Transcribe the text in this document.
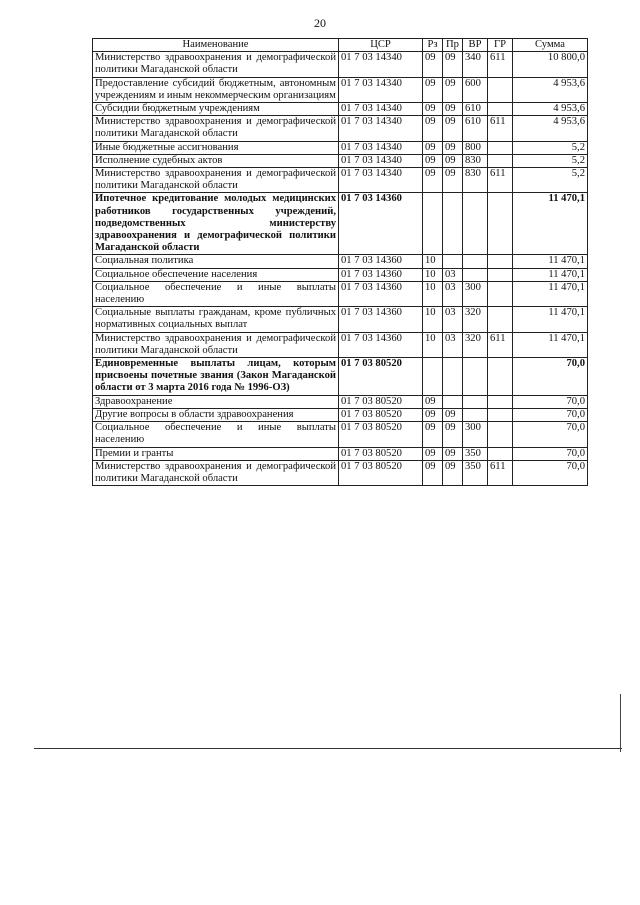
20
Наименование	ЦСР	Рз	Пр	ВР	ГР	Сумма
Министерство здравоохранения и демографической политики Магаданской области	01 7 03 14340	09	09	340	611	10 800,0
Предоставление субсидий бюджетным, автономным учреждениям и иным некоммерческим организациям	01 7 03 14340	09	09	600		4 953,6
Субсидии бюджетным учреждениям	01 7 03 14340	09	09	610		4 953,6
Министерство здравоохранения и демографической политики Магаданской области	01 7 03 14340	09	09	610	611	4 953,6
Иные бюджетные ассигнования	01 7 03 14340	09	09	800		5,2
Исполнение судебных актов	01 7 03 14340	09	09	830		5,2
Министерство здравоохранения и демографической политики Магаданской области	01 7 03 14340	09	09	830	611	5,2
Ипотечное кредитование молодых медицинских работников государственных учреждений, подведомственных министерству здравоохранения и демографической политики Магаданской области	01 7 03 14360					11 470,1
Социальная политика	01 7 03 14360	10				11 470,1
Социальное обеспечение населения	01 7 03 14360	10	03			11 470,1
Социальное обеспечение и иные выплаты населению	01 7 03 14360	10	03	300		11 470,1
Социальные выплаты гражданам, кроме публичных нормативных социальных выплат	01 7 03 14360	10	03	320		11 470,1
Министерство здравоохранения и демографической политики Магаданской области	01 7 03 14360	10	03	320	611	11 470,1
Единовременные выплаты лицам, которым присвоены почетные звания (Закон Магаданской области от 3 марта 2016 года № 1996-ОЗ)	01 7 03 80520					70,0
Здравоохранение	01 7 03 80520	09				70,0
Другие вопросы в области здравоохранения	01 7 03 80520	09	09			70,0
Социальное обеспечение и иные выплаты населению	01 7 03 80520	09	09	300		70,0
Премии и гранты	01 7 03 80520	09	09	350		70,0
Министерство здравоохранения и демографической политики Магаданской области	01 7 03 80520	09	09	350	611	70,0
